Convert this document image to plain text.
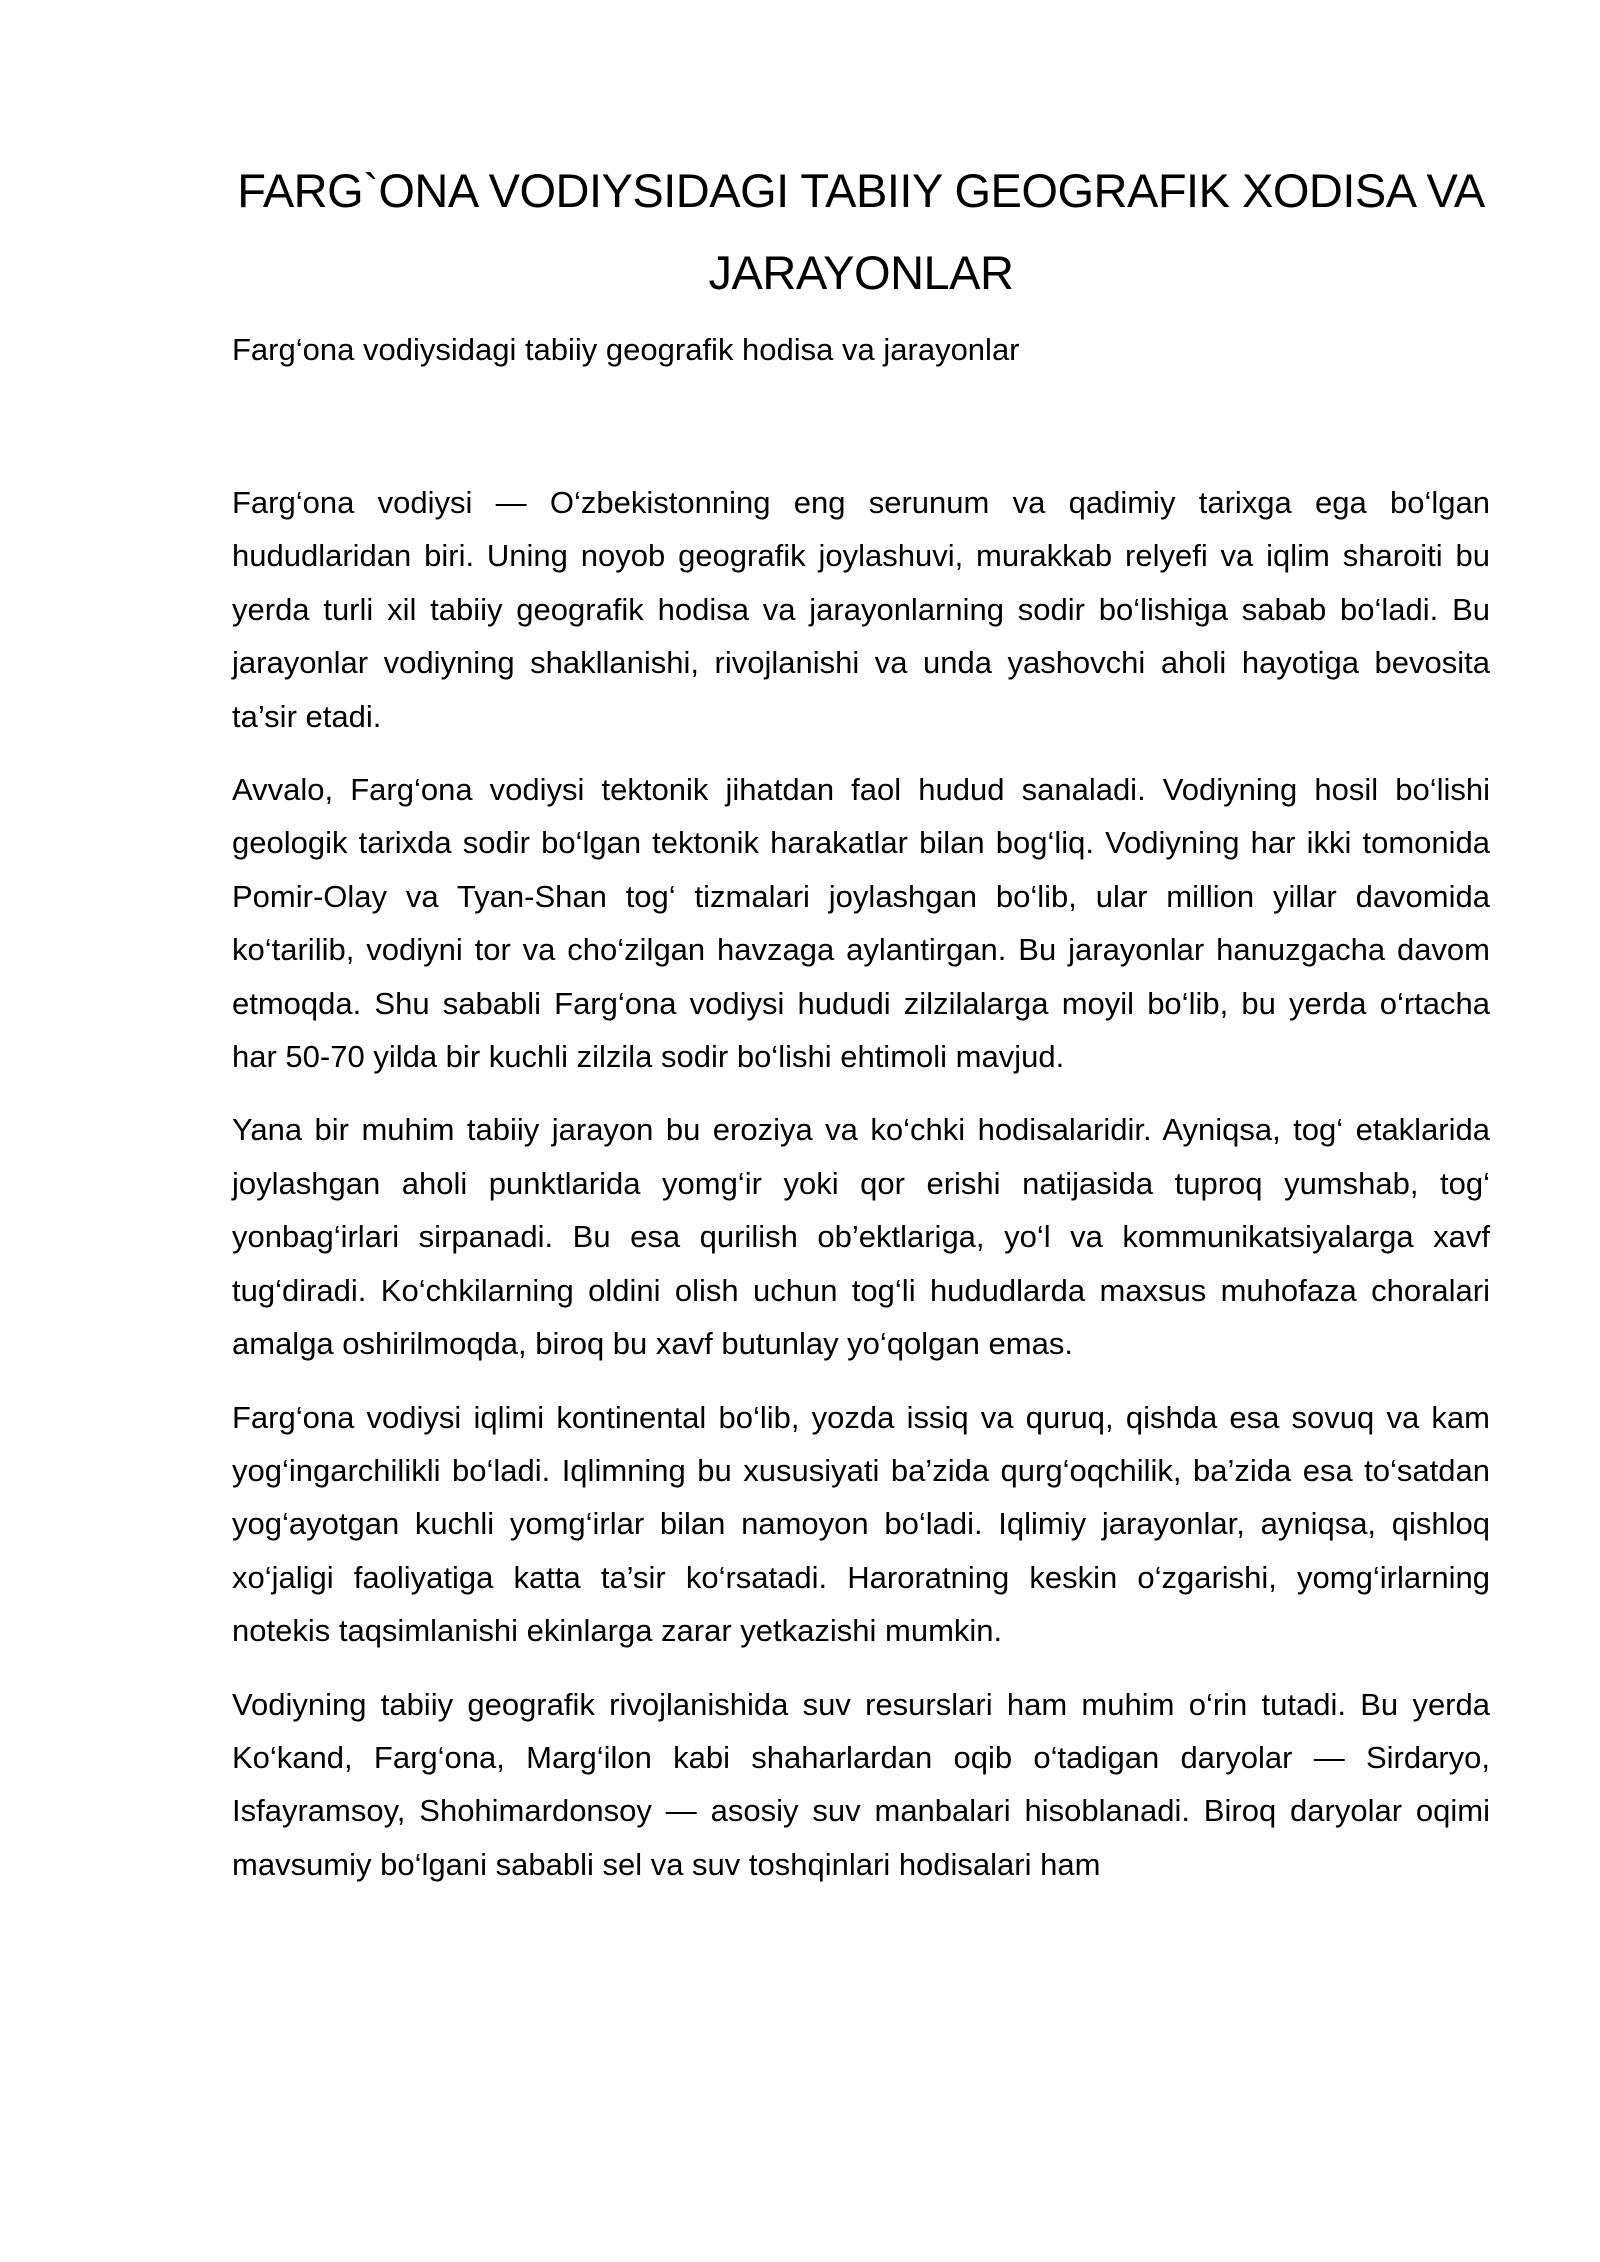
FARG`ONA VODIYSIDAGI TABIIY GEOGRAFIK XODISA VA JARAYONLAR

Farg‘ona vodiysidagi tabiiy geografik hodisa va jarayonlar

Farg‘ona vodiysi — O‘zbekistonning eng serunum va qadimiy tarixga ega bo‘lgan hududlaridan biri. Uning noyob geografik joylashuvi, murakkab relyefi va iqlim sharoiti bu yerda turli xil tabiiy geografik hodisa va jarayonlarning sodir bo‘lishiga sabab bo‘ladi. Bu jarayonlar vodiyning shakllanishi, rivojlanishi va unda yashovchi aholi hayotiga bevosita ta’sir etadi.

Avvalo, Farg‘ona vodiysi tektonik jihatdan faol hudud sanaladi. Vodiyning hosil bo‘lishi geologik tarixda sodir bo‘lgan tektonik harakatlar bilan bog‘liq. Vodiyning har ikki tomonida Pomir-Olay va Tyan-Shan tog‘ tizmalari joylashgan bo‘lib, ular million yillar davomida ko‘tarilib, vodiyni tor va cho‘zilgan havzaga aylantirgan. Bu jarayonlar hanuzgacha davom etmoqda. Shu sababli Farg‘ona vodiysi hududi zilzilalarga moyil bo‘lib, bu yerda o‘rtacha har 50-70 yilda bir kuchli zilzila sodir bo‘lishi ehtimoli mavjud.

Yana bir muhim tabiiy jarayon bu eroziya va ko‘chki hodisalaridir. Ayniqsa, tog‘ etaklarida joylashgan aholi punktlarida yomg‘ir yoki qor erishi natijasida tuproq yumshab, tog‘ yonbag‘irlari sirpanadi. Bu esa qurilish ob’ektlariga, yo‘l va kommunikatsiyalarga xavf tug‘diradi. Ko‘chkilarning oldini olish uchun tog‘li hududlarda maxsus muhofaza choralari amalga oshirilmoqda, biroq bu xavf butunlay yo‘qolgan emas.

Farg‘ona vodiysi iqlimi kontinental bo‘lib, yozda issiq va quruq, qishda esa sovuq va kam yog‘ingarchilikli bo‘ladi. Iqlimning bu xususiyati ba’zida qurg‘oqchilik, ba’zida esa to‘satdan yog‘ayotgan kuchli yomg‘irlar bilan namoyon bo‘ladi. Iqlimiy jarayonlar, ayniqsa, qishloq xo‘jaligi faoliyatiga katta ta’sir ko‘rsatadi. Haroratning keskin o‘zgarishi, yomg‘irlarning notekis taqsimlanishi ekinlarga zarar yetkazishi mumkin.

Vodiyning tabiiy geografik rivojlanishida suv resurslari ham muhim o‘rin tutadi. Bu yerda Ko‘kand, Farg‘ona, Marg‘ilon kabi shaharlardan oqib o‘tadigan daryolar — Sirdaryo, Isfayramsoy, Shohimardonsoy — asosiy suv manbalari hisoblanadi. Biroq daryolar oqimi mavsumiy bo‘lgani sababli sel va suv toshqinlari hodisalari ham
